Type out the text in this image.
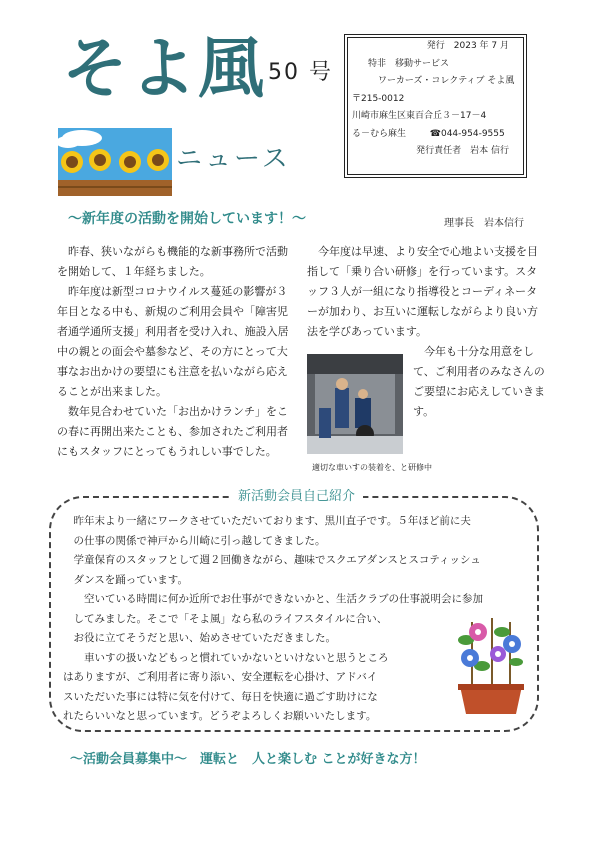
そよ風 50 号
ニュース
発行　2023 年 7 月
特非　移動サービス
ワーカーズ・コレクティブ そよ風
〒215-0012
川崎市麻生区東百合丘３－17－4
る－むら麻生	☎044-954-9555
発行責任者　岩本 信行
～新年度の活動を開始しています！～	理事長　岩本信行

昨春、狭いながらも機能的な新事務所で活動を開始して、１年経ちました。

昨年度は新型コロナウイルス蔓延の影響が３年目となる中も、新規のご利用会員や「障害児者通学通所支援」利用者を受け入れ、施設入居中の親との面会や墓参など、その方にとって大事なお出かけの要望にも注意を払いながら応えることが出来ました。

数年見合わせていた「お出かけランチ」をこの春に再開出来たことも、参加されたご利用者にもスタッフにとってもうれしい事でした。

今年度は早速、より安全で心地よい支援を目指して「乗り合い研修」を行っています。スタッフ３人が一組になり指導役とコーディネーターが加わり、お互いに運転しながらより良い方法を学びあっています。

今年も十分な用意をして、ご利用者のみなさんのご要望にお応えしていきます。

適切な車いすの装着を、と研修中
新活動会員自己紹介

　昨年末より一緒にワークさせていただいております、黒川直子です。５年ほど前に夫

　の仕事の関係で神戸から川崎に引っ越してきました。

　学童保育のスタッフとして週２回働きながら、趣味でスクエアダンスとスコティッシュ

　ダンスを踊っています。

　　空いている時間に何か近所でお仕事ができないかと、生活クラブの仕事説明会に参加

　してみました。そこで「そよ風」なら私のライフスタイルに合い、

　お役に立てそうだと思い、始めさせていただきました。

　　車いすの扱いなどもっと慣れていかないといけないと思うところ

はありますが、ご利用者に寄り添い、安全運転を心掛け、アドバイ

スいただいた事には特に気を付けて、毎日を快適に過ごす助けにな

れたらいいなと思っています。どうぞよろしくお願いいたします。

～活動会員募集中～　運転と　人と楽しむ ことが好きな方！
